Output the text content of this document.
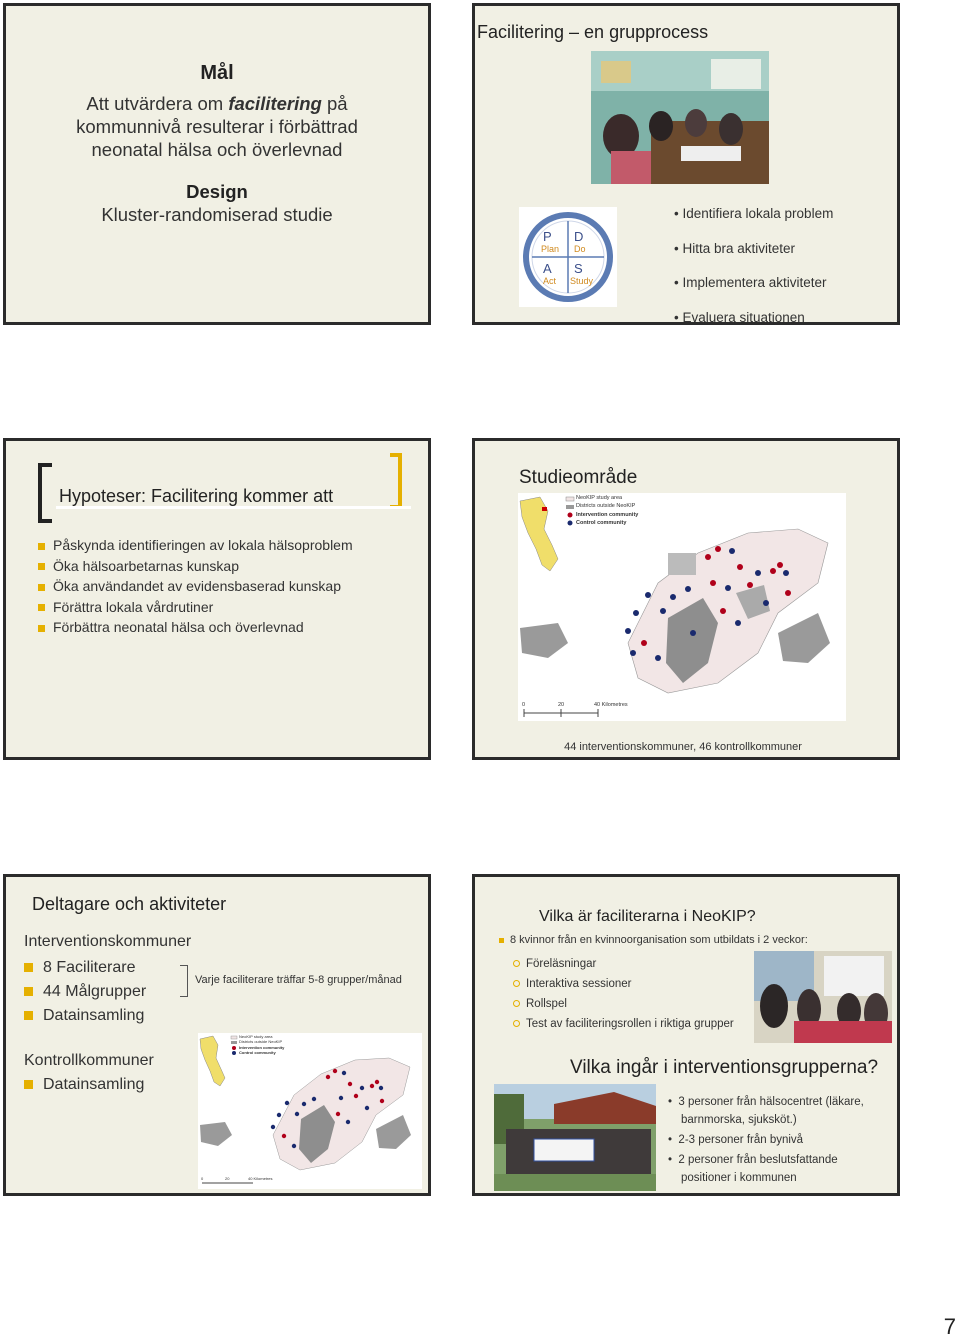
Mål
Att utvärdera om facilitering på
kommunnivå resulterar i förbättrad
neonatal hälsa och överlevnad
Design
Kluster-randomiserad studie
Facilitering – en grupprocess
P
Plan
D
Do
A
Act
S
Study
• Identifiera lokala problem
• Hitta bra aktiviteter
• Implementera aktiviteter
• Evaluera situationen
Hypoteser: Facilitering kommer att
Påskynda identifieringen av lokala hälsoproblem
Öka hälsoarbetarnas kunskap
Öka användandet av evidensbaserad kunskap
Förättra lokala vårdrutiner
Förbättra neonatal hälsa och överlevnad
Studieområde
NeoKIP study area
Districts outside NeoKIP
Intervention community
Control community
0	20	40 Kilometres
44 interventionskommuner, 46 kontrollkommuner
Deltagare och aktiviteter
Interventionskommuner
8 Faciliterare
44 Målgrupper
Datainsamling
Varje faciliterare träffar 5-8 grupper/månad
Kontrollkommuner
Datainsamling
NeoKIP study area
Districts outside NeoKIP
Intervention community
Control community
0	20	40 Kilometres
Vilka är faciliterarna i NeoKIP?
8 kvinnor från en kvinnoorganisation som utbildats i 2 veckor:
Föreläsningar
Interaktiva sessioner
Rollspel
Test av faciliteringsrollen i riktiga grupper
Vilka ingår i interventionsgrupperna?
•  3 personer från hälsocentret (läkare, barnmorska, sjuksköt.)
•  2-3 personer från bynivå
•  2 personer från beslutsfattande positioner i kommunen
7
